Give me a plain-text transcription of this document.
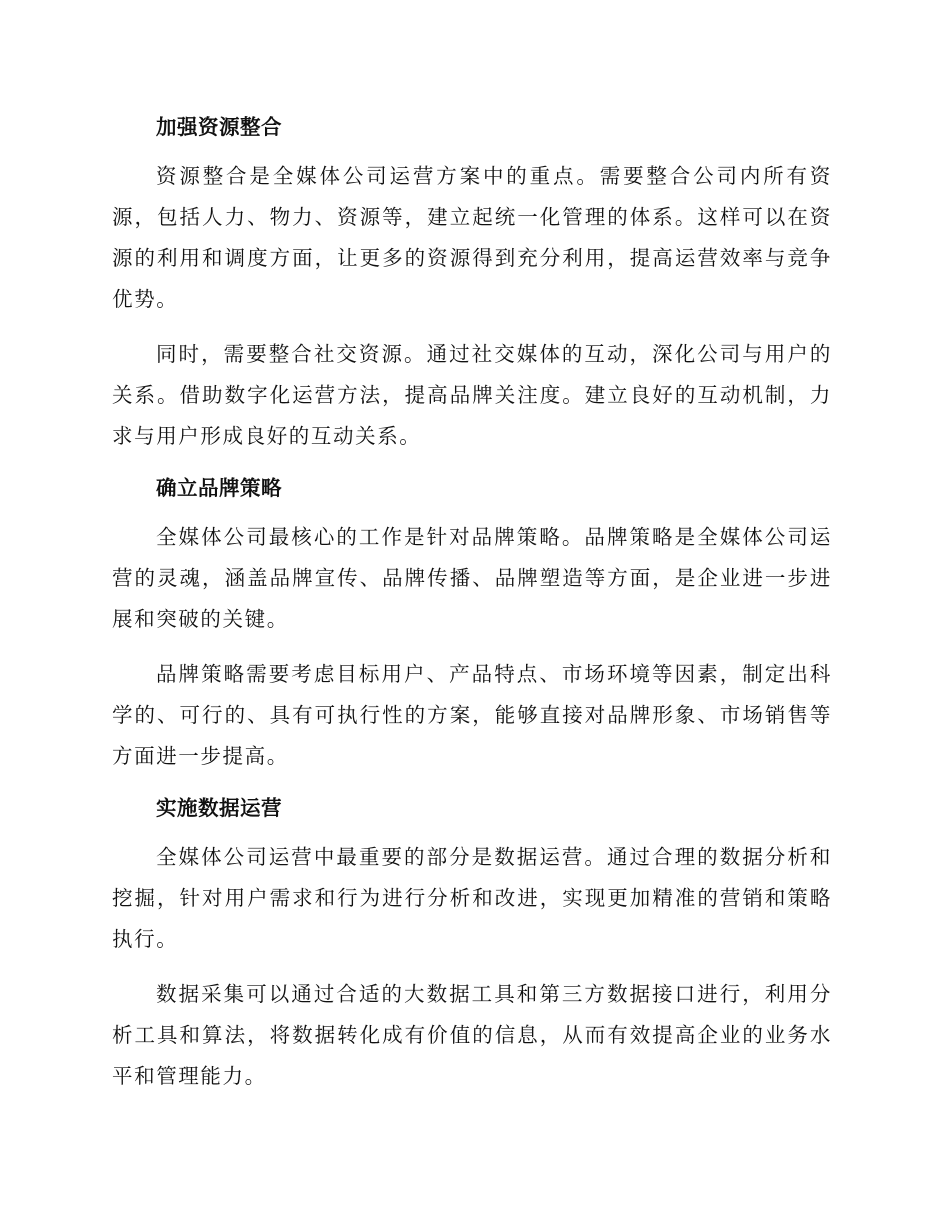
加强资源整合

资源整合是全媒体公司运营方案中的重点。需要整合公司内所有资源，包括人力、物力、资源等，建立起统一化管理的体系。这样可以在资源的利用和调度方面，让更多的资源得到充分利用，提高运营效率与竞争优势。

同时，需要整合社交资源。通过社交媒体的互动，深化公司与用户的关系。借助数字化运营方法，提高品牌关注度。建立良好的互动机制，力求与用户形成良好的互动关系。

确立品牌策略

全媒体公司最核心的工作是针对品牌策略。品牌策略是全媒体公司运营的灵魂，涵盖品牌宣传、品牌传播、品牌塑造等方面，是企业进一步进展和突破的关键。

品牌策略需要考虑目标用户、产品特点、市场环境等因素，制定出科学的、可行的、具有可执行性的方案，能够直接对品牌形象、市场销售等方面进一步提高。

实施数据运营

全媒体公司运营中最重要的部分是数据运营。通过合理的数据分析和挖掘，针对用户需求和行为进行分析和改进，实现更加精准的营销和策略执行。

数据采集可以通过合适的大数据工具和第三方数据接口进行，利用分析工具和算法，将数据转化成有价值的信息，从而有效提高企业的业务水平和管理能力。
